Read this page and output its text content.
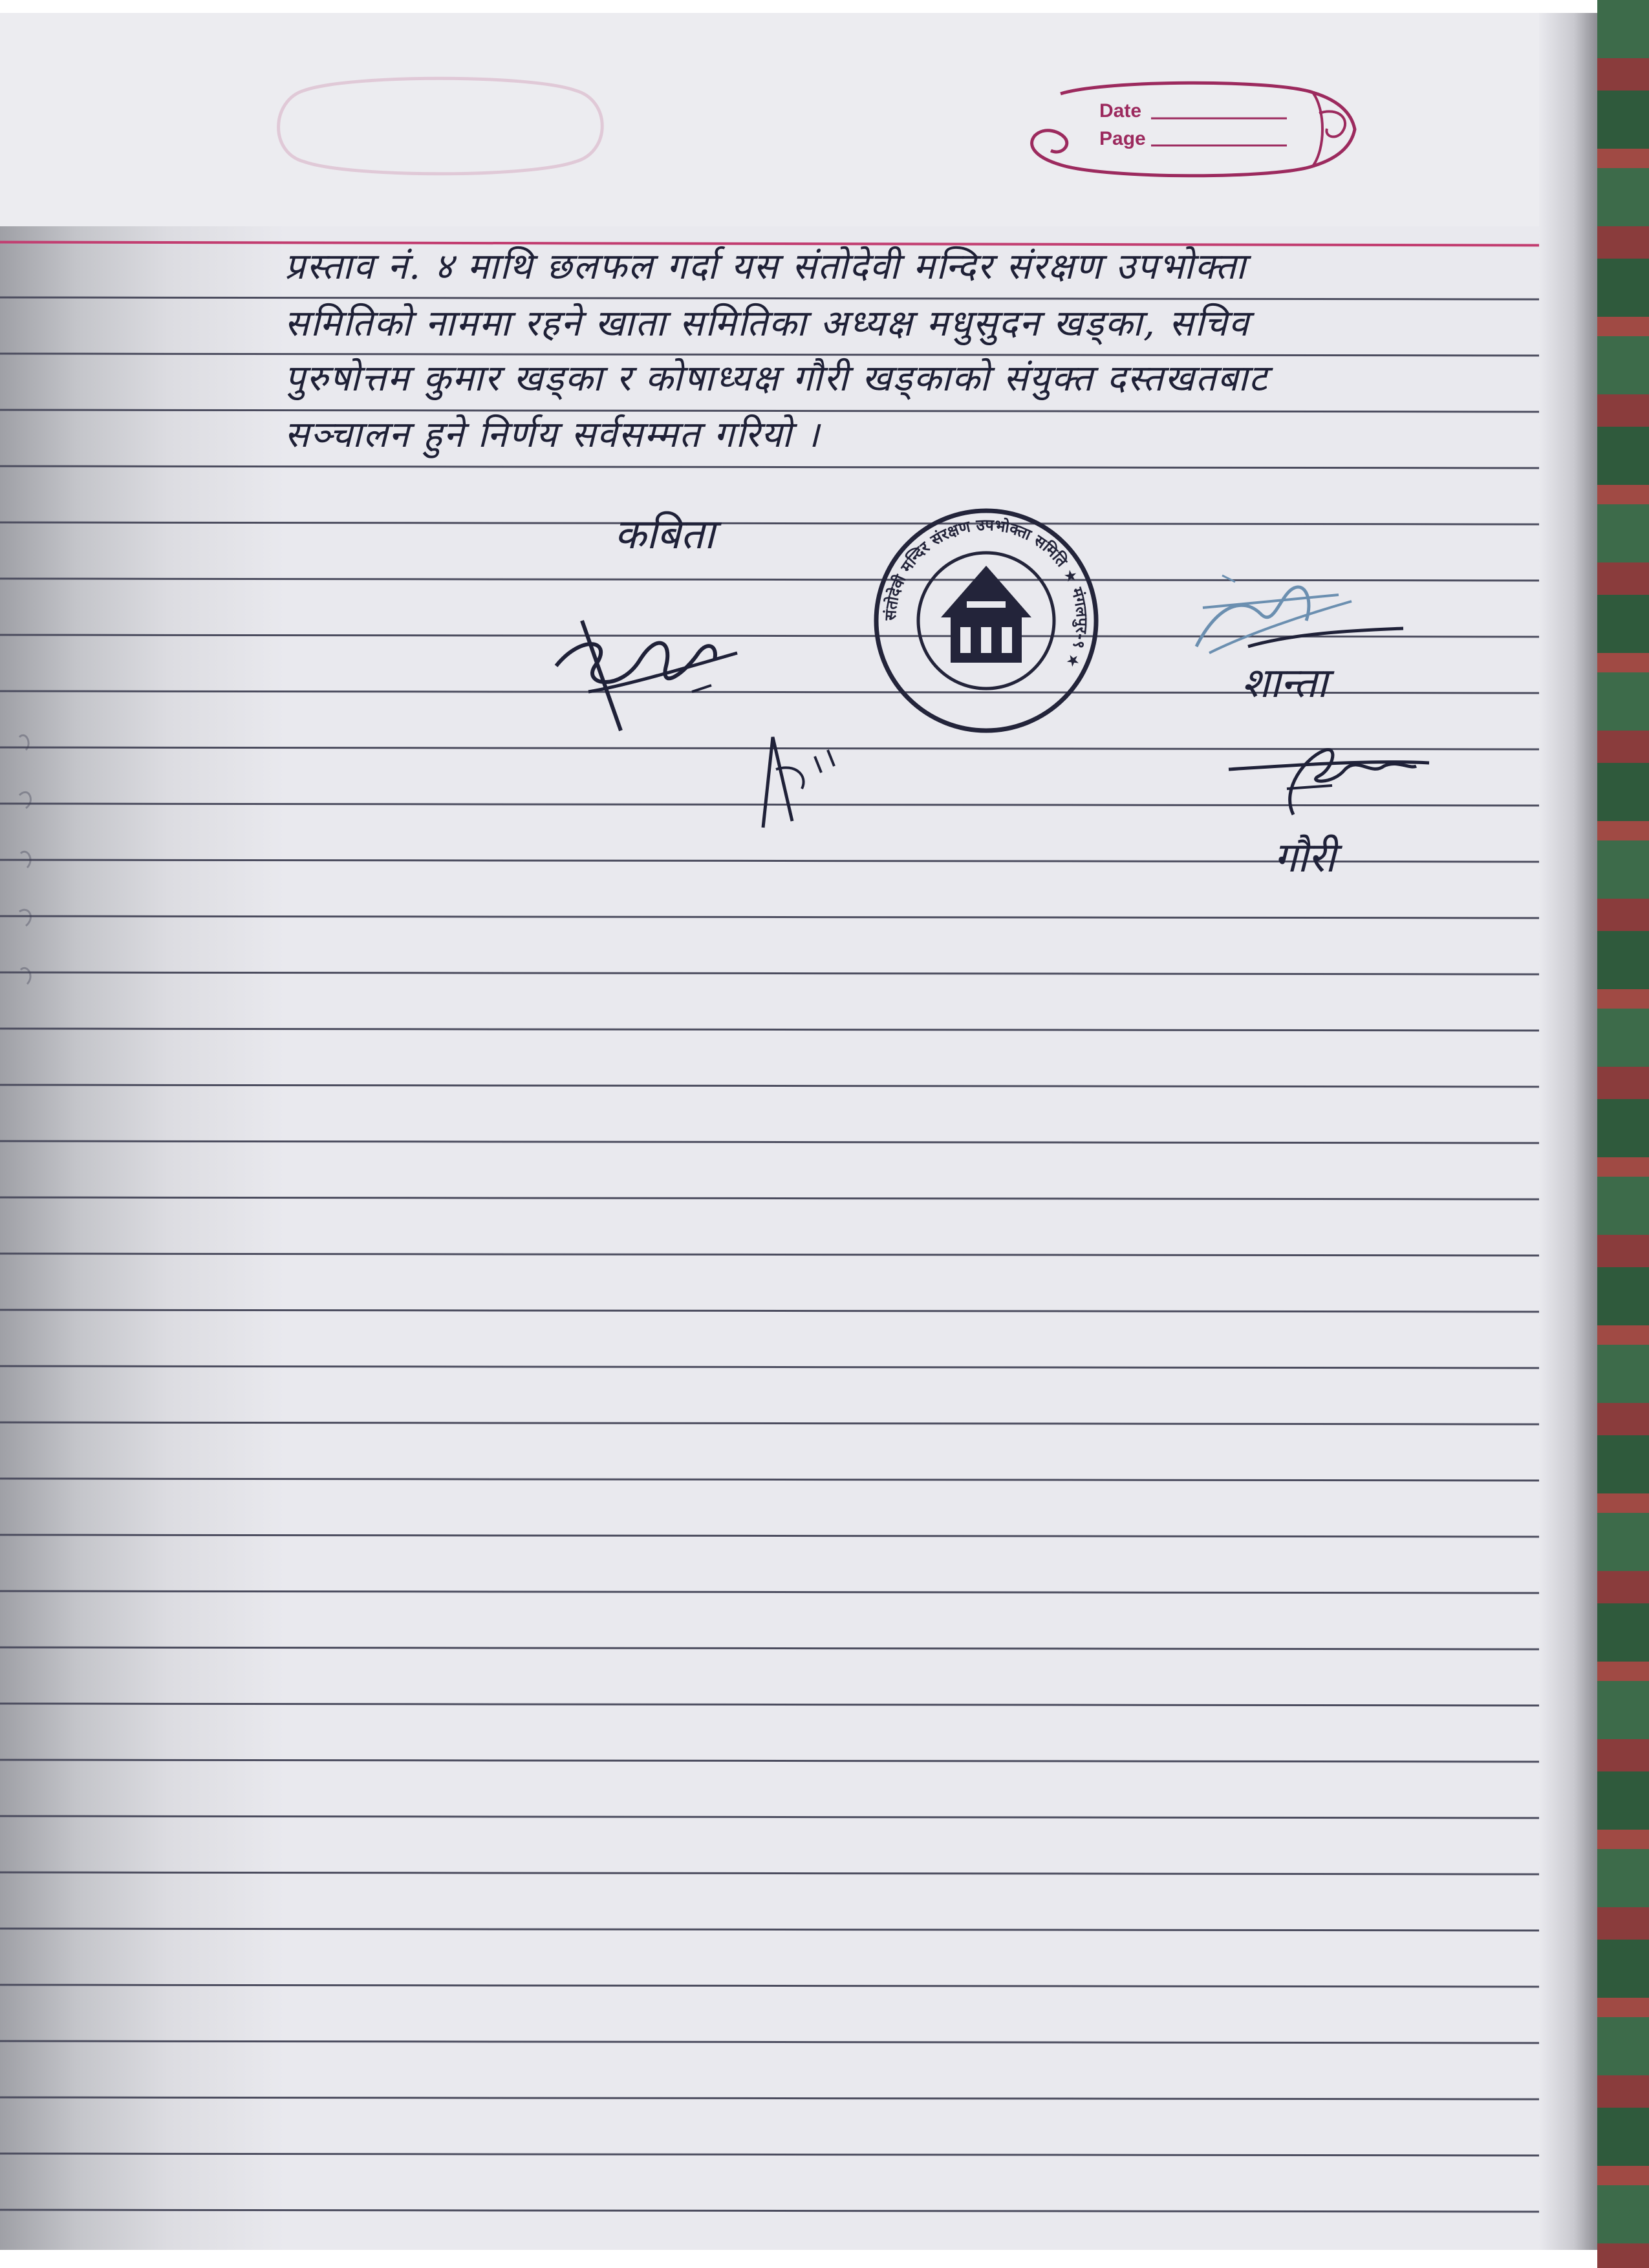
Date
Page
प्रस्ताव नं. ४ माथि छलफल गर्दा यस संतोदेवी मन्दिर संरक्षण उपभोक्ता
समितिको नाममा रहने खाता समितिका अध्यक्ष मधुसुदन खड्का, सचिव
पुरुषोत्तम कुमार खड्का र कोषाध्यक्ष गौरी खड्काको संयुक्त दस्तखतबाट
सञ्चालन हुने निर्णय सर्वसम्मत गरियो ।
कबिता
संतोदेवी मन्दिर संरक्षण उपभोक्ता समिति ★ मंगलपुर-९ ★	शान्ता
गौरी
